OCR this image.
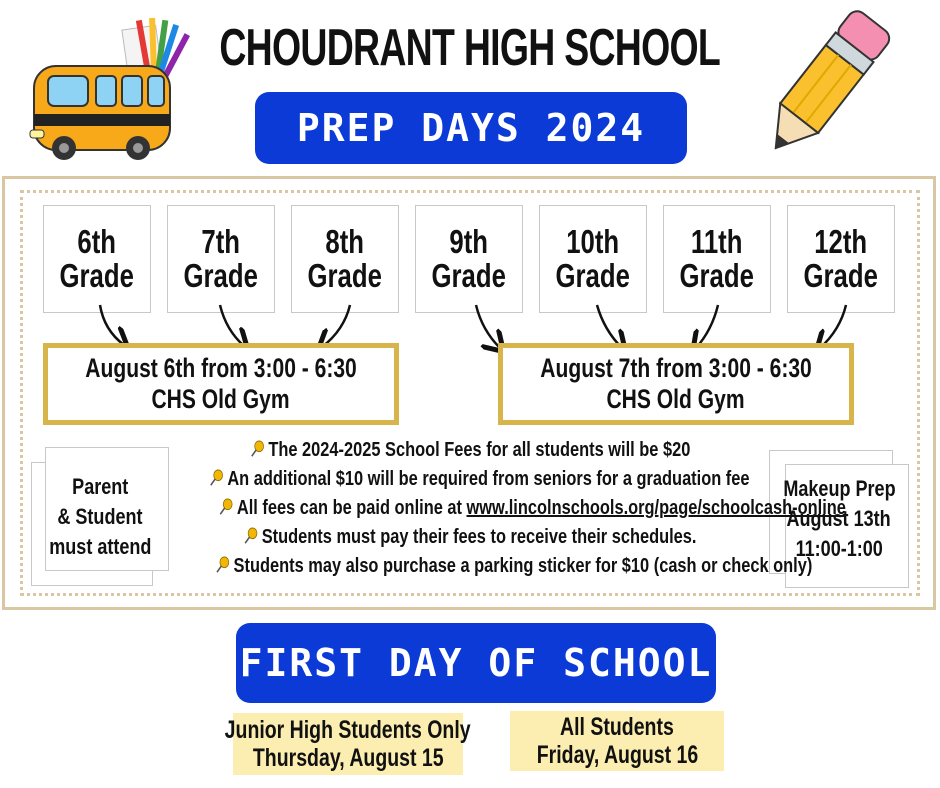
CHOUDRANT HIGH SCHOOL
PREP DAYS 2024
6th
Grade
7th
Grade
8th
Grade
9th
Grade
10th
Grade
11th
Grade
12th
Grade
August 6th from 3:00 - 6:30
CHS Old Gym
August 7th from 3:00 - 6:30
CHS Old Gym
Parent
& Student
must attend
Makeup Prep
August 13th
11:00-1:00
The 2024-2025 School Fees for all students will be $20
An additional $10 will be required from seniors for a graduation fee
All fees can be paid online at www.lincolnschools.org/page/schoolcash-online
Students must pay their fees to receive their schedules.
Students may also purchase a parking sticker for $10 (cash or check only)
FIRST DAY OF SCHOOL
Junior High Students Only
Thursday, August 15
All Students
Friday, August 16
